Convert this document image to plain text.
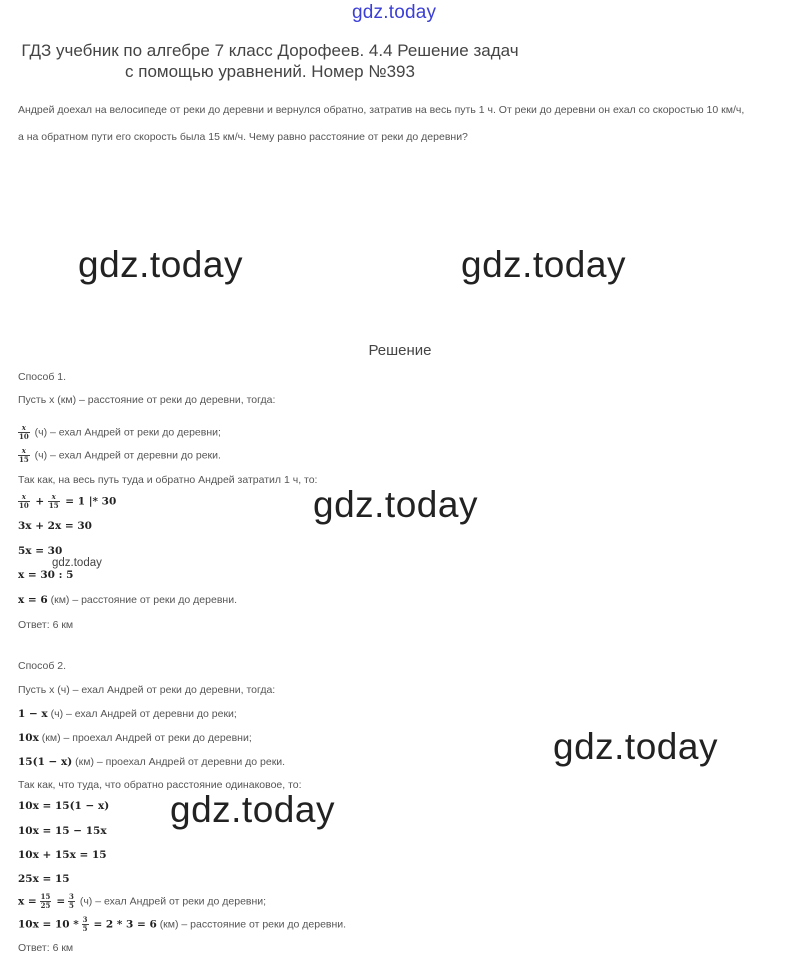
gdz.today
ГДЗ учебник по алгебре 7 класс Дорофеев. 4.4 Решение задач
с помощью уравнений. Номер №393
Андрей доехал на велосипеде от реки до деревни и вернулся обратно, затратив на весь путь 1 ч. От реки до деревни он ехал со скоростью 10 км/ч,
а на обратном пути его скорость была 15 км/ч. Чему равно расстояние от реки до деревни?
gdz.today	gdz.today
Решение
Способ 1.
Пусть x (км) – расстояние от реки до деревни, тогда:
$\frac{x}{10} (ч)$ – ехал Андрей от реки до деревни;
$\frac{x}{15} (ч)$ – ехал Андрей от деревни до реки.
Так как, на весь путь туда и обратно Андрей затратил 1 ч, то:
$\frac{x}{10} + \frac{x}{15} = 1$ |* 30	gdz.today
3x + 2x = 30
5x = 30
gdz.today
x = 30 : 5
x = 6 (км) – расстояние от реки до деревни.
Ответ: 6 км
Способ 2.
Пусть x (ч) – ехал Андрей от реки до деревни, тогда:
1 − x (ч) – ехал Андрей от деревни до реки;
10x (км) – проехал Андрей от реки до деревни;	gdz.today
15(1 − x) (км) – проехал Андрей от деревни до реки.
Так как, что туда, что обратно расстояние одинаковое, то:
10x = 15(1 − x) gdz.today
10x = 15 − 15x
10x + 15x = 15
25x = 15
$x = \frac{15}{25} = \frac{3}{5} (ч)$ – ехал Андрей от реки до деревни;
$10x = 10 * \frac{3}{5} = 2 * 3 = 6$ (км) – расстояние от реки до деревни.
Ответ: 6 км
